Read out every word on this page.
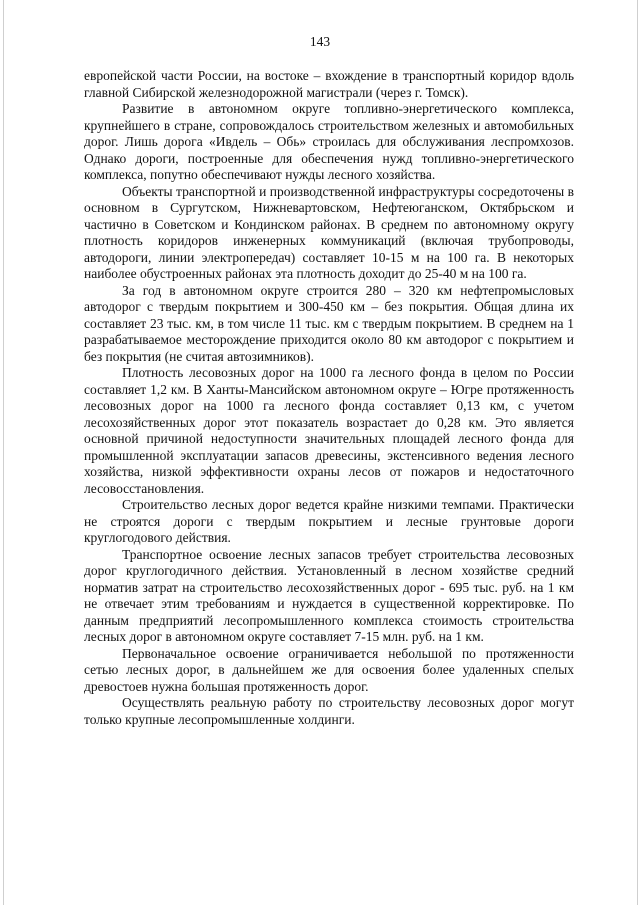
143

европейской части России, на востоке – вхождение в транспортный коридор вдоль главной Сибирской железнодорожной магистрали (через г. Томск).

Развитие в автономном округе топливно-энергетического комплекса, крупнейшего в стране, сопровождалось строительством железных и автомобильных дорог. Лишь дорога «Ивдель – Обь» строилась для обслуживания леспромхозов. Однако дороги, построенные для обеспечения нужд топливно-энергетического комплекса, попутно обеспечивают нужды лесного хозяйства.

Объекты транспортной и производственной инфраструктуры сосредоточены в основном в Сургутском, Нижневартовском, Нефтеюганском, Октябрьском и частично в Советском и Кондинском районах. В среднем по автономному округу плотность коридоров инженерных коммуникаций (включая трубопроводы, автодороги, линии электропередач) составляет 10-15 м на 100 га. В некоторых наиболее обустроенных районах эта плотность доходит до 25-40 м на 100 га.

За год в автономном округе строится 280 – 320 км нефтепромысловых автодорог с твердым покрытием и 300-450 км – без покрытия. Общая длина их составляет 23 тыс. км, в том числе 11 тыс. км с твердым покрытием. В среднем на 1 разрабатываемое месторождение приходится около 80 км автодорог с покрытием и без покрытия (не считая автозимников).

Плотность лесовозных дорог на 1000 га лесного фонда в целом по России составляет 1,2 км. В Ханты-Мансийском автономном округе – Югре протяженность лесовозных дорог на 1000 га лесного фонда составляет 0,13 км, с учетом лесохозяйственных дорог этот показатель возрастает до 0,28 км. Это является основной причиной недоступности значительных площадей лесного фонда для промышленной эксплуатации запасов древесины, экстенсивного ведения лесного хозяйства, низкой эффективности охраны лесов от пожаров и недостаточного лесовосстановления.

Строительство лесных дорог ведется крайне низкими темпами. Практически не строятся дороги с твердым покрытием и лесные грунтовые дороги круглогодового действия.

Транспортное освоение лесных запасов требует строительства лесовозных дорог круглогодичного действия. Установленный в лесном хозяйстве средний норматив затрат на строительство лесохозяйственных дорог - 695 тыс. руб. на 1 км не отвечает этим требованиям и нуждается в существенной корректировке. По данным предприятий лесопромышленного комплекса стоимость строительства лесных дорог в автономном округе составляет 7-15 млн. руб. на 1 км.

Первоначальное освоение ограничивается небольшой по протяженности сетью лесных дорог, в дальнейшем же для освоения более удаленных спелых древостоев нужна большая протяженность дорог.

Осуществлять реальную работу по строительству лесовозных дорог могут только крупные лесопромышленные холдинги.
